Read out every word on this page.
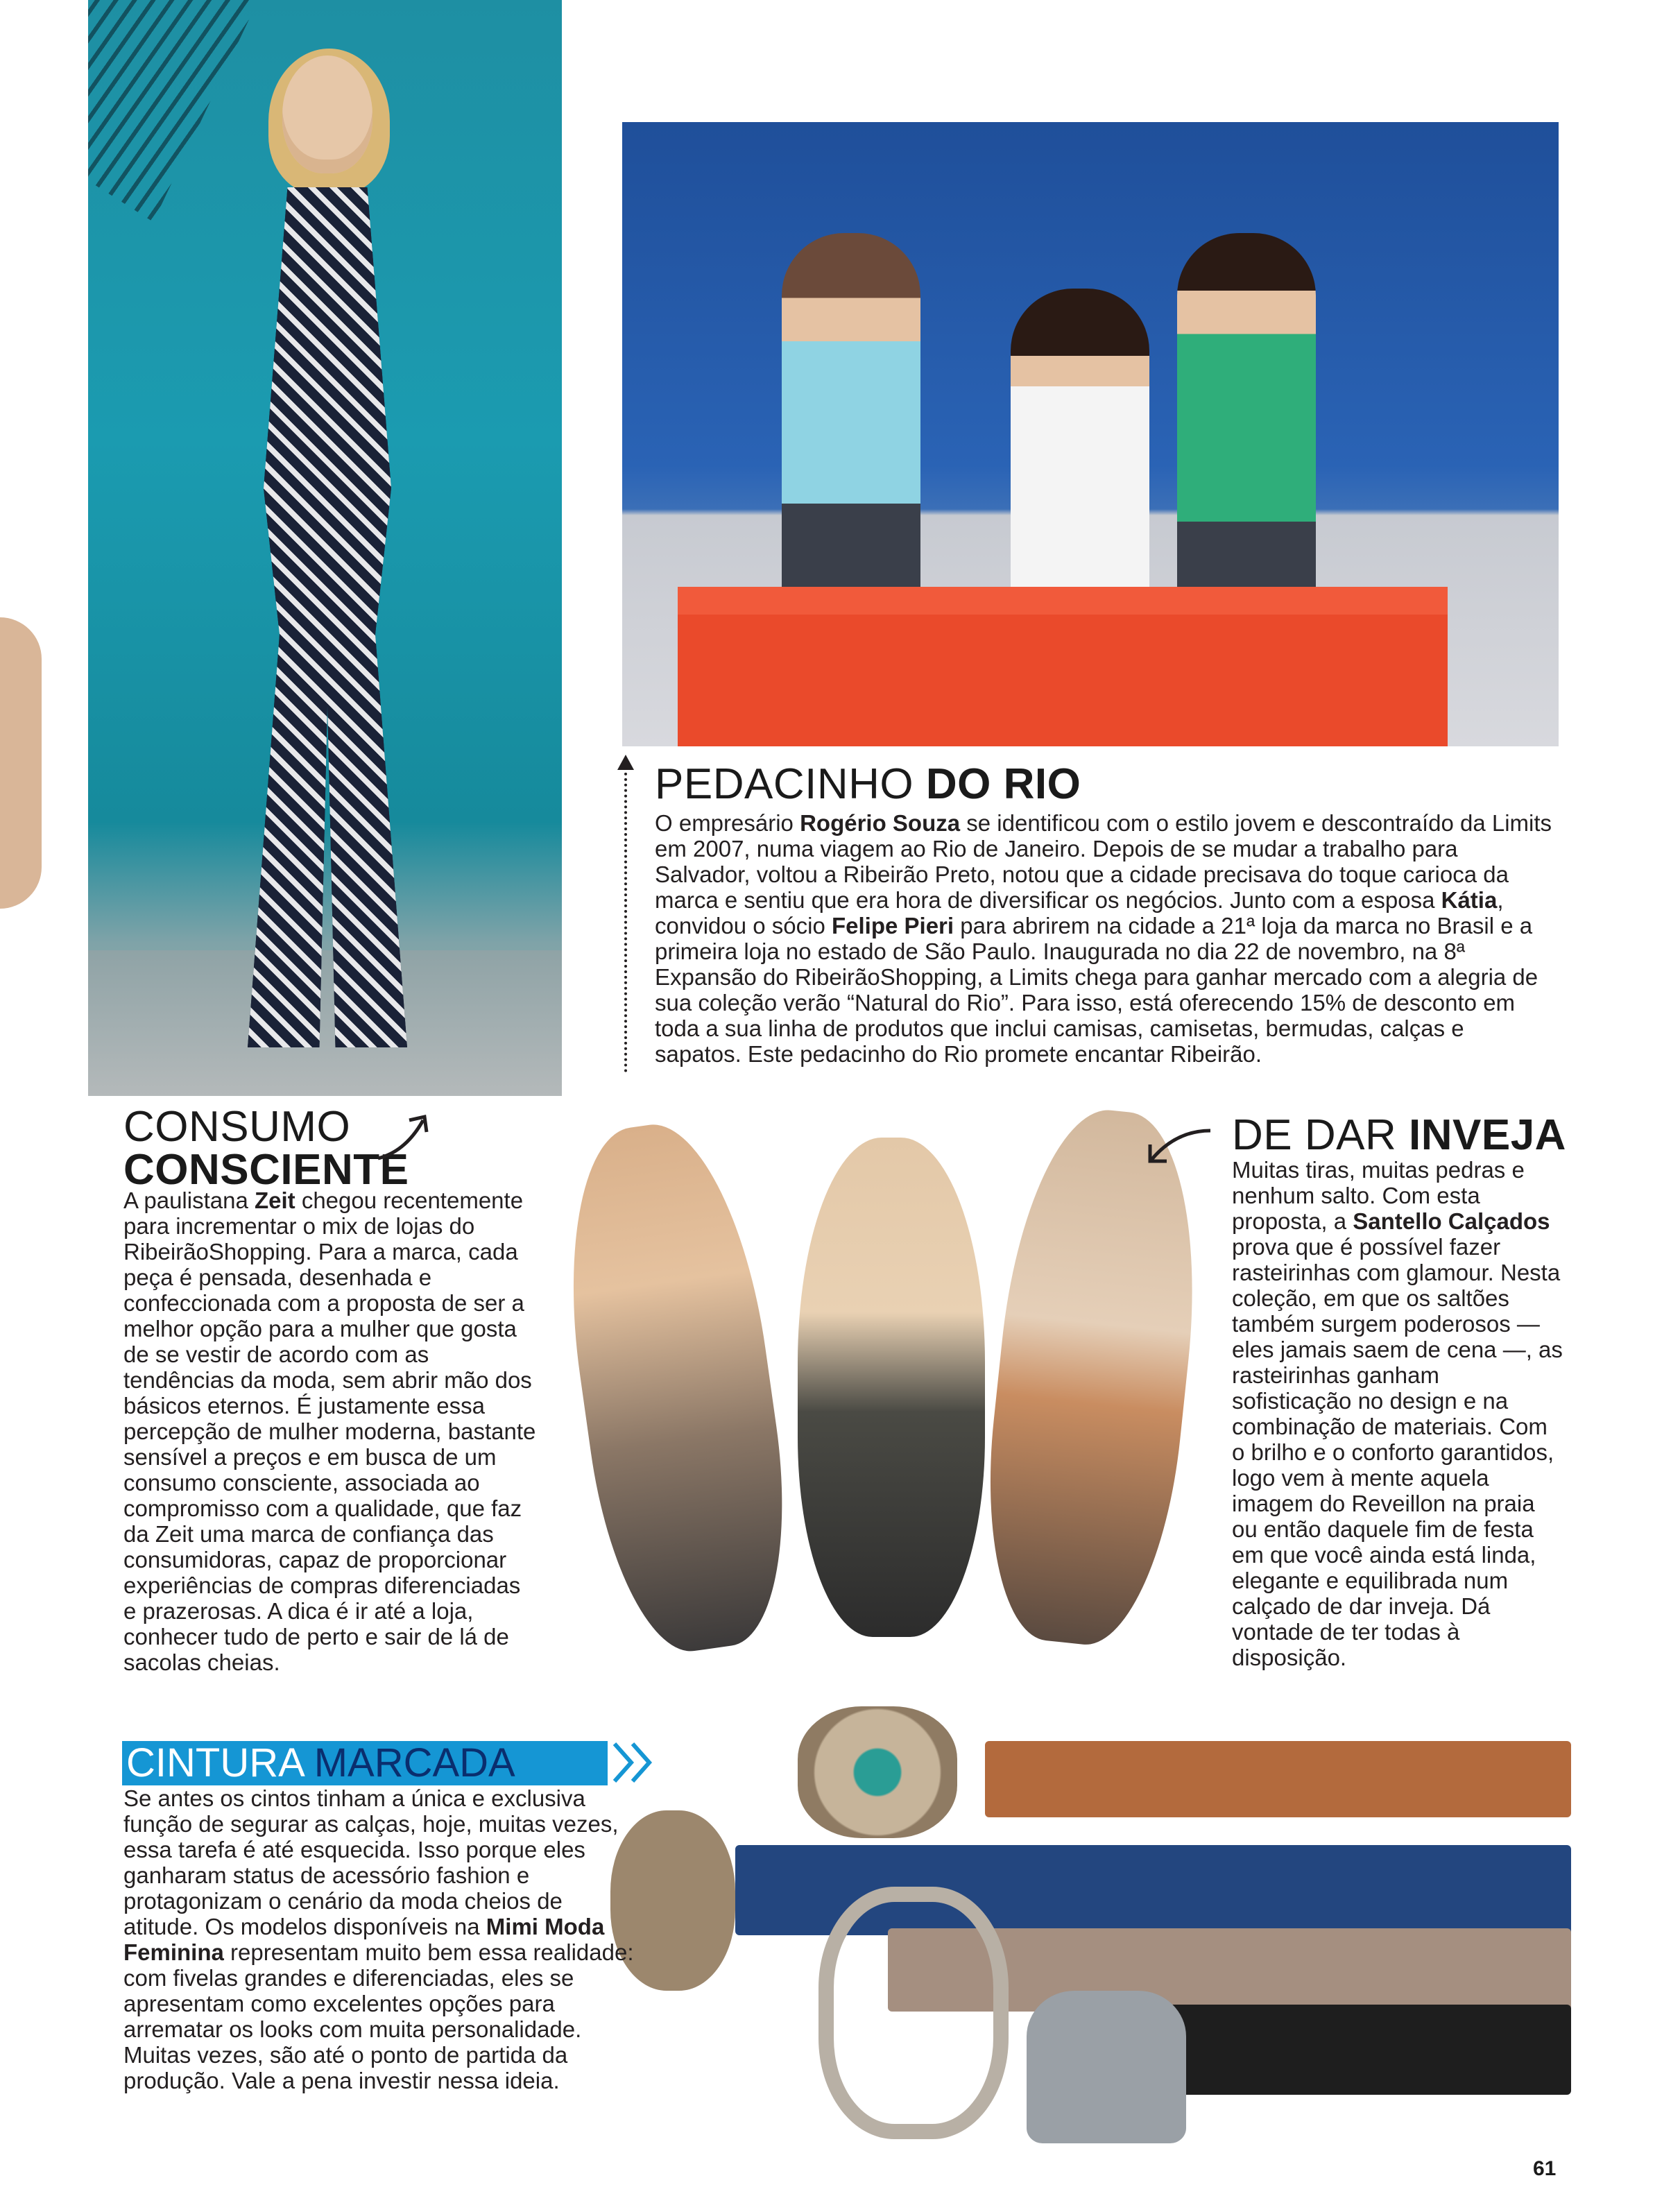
PEDACINHO DO RIO
O empresário Rogério Souza se identificou com o estilo jovem e descontraído da Limits em 2007, numa viagem ao Rio de Janeiro. Depois de se mudar a trabalho para Salvador, voltou a Ribeirão Preto, notou que a cidade precisava do toque carioca da marca e sentiu que era hora de diversificar os negócios. Junto com a esposa Kátia, convidou o sócio Felipe Pieri para abrirem na cidade a 21ª loja da marca no Brasil e a primeira loja no estado de São Paulo. Inaugurada no dia 22 de novembro, na 8ª Expansão do RibeirãoShopping, a Limits chega para ganhar mercado com a alegria de sua coleção verão “Natural do Rio”. Para isso, está oferecendo 15% de desconto em toda a sua linha de produtos que inclui camisas, camisetas, bermudas, calças e sapatos. Este pedacinho do Rio promete encantar Ribeirão.
CONSUMO
CONSCIENTE
A paulistana Zeit chegou recentemente para incrementar o mix de lojas do RibeirãoShopping. Para a marca, cada peça é pensada, desenhada e confeccionada com a proposta de ser a melhor opção para a mulher que gosta de se vestir de acordo com as tendências da moda, sem abrir mão dos básicos eternos. É justamente essa percepção de mulher moderna, bastante sensível a preços e em busca de um consumo consciente, associada ao compromisso com a qualidade, que faz da Zeit uma marca de confiança das consumidoras, capaz de proporcionar experiências de compras diferenciadas e prazerosas. A dica é ir até a loja, conhecer tudo de perto e sair de lá de sacolas cheias.
DE DAR INVEJA
Muitas tiras, muitas pedras e nenhum salto. Com esta proposta, a Santello Calçados prova que é possível fazer rasteirinhas com glamour. Nesta coleção, em que os saltões também surgem poderosos — eles jamais saem de cena —, as rasteirinhas ganham sofisticação no design e na combinação de materiais. Com o brilho e o conforto garantidos, logo vem à mente aquela imagem do Reveillon na praia ou então daquele fim de festa em que você ainda está linda, elegante e equilibrada num calçado de dar inveja. Dá vontade de ter todas à disposição.
CINTURA MARCADA
Se antes os cintos tinham a única e exclusiva função de segurar as calças, hoje, muitas vezes, essa tarefa é até esquecida. Isso porque eles ganharam status de acessório fashion e protagonizam o cenário da moda cheios de atitude. Os modelos disponíveis na Mimi Moda Feminina representam muito bem essa realidade: com fivelas grandes e diferenciadas, eles se apresentam como excelentes opções para arrematar os looks com muita personalidade. Muitas vezes, são até o ponto de partida da produção. Vale a pena investir nessa ideia.
61
